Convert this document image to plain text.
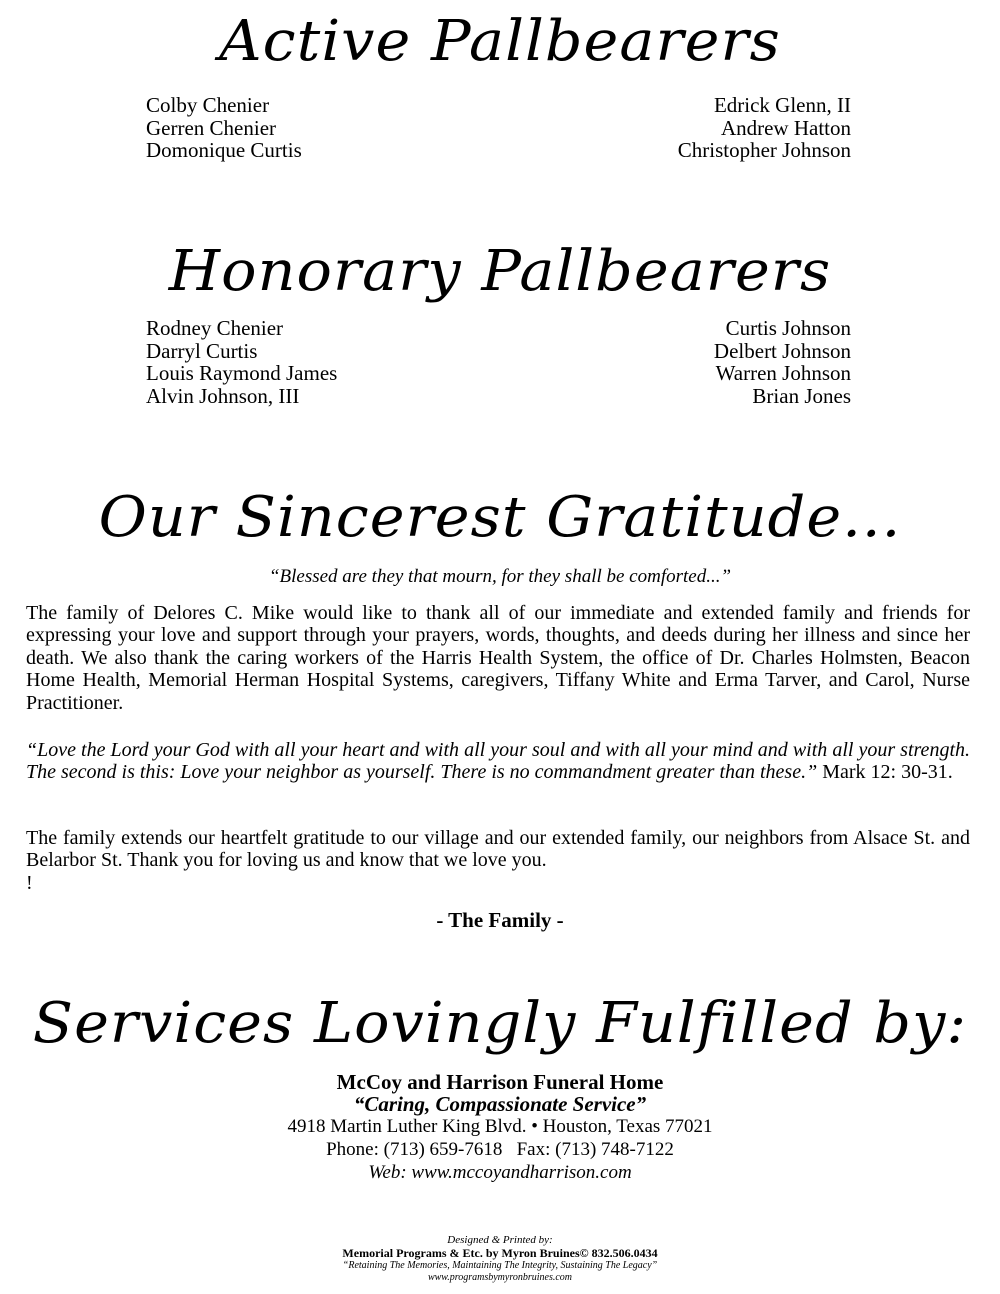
Active Pallbearers
Colby Chenier
Gerren Chenier
Domonique Curtis
Edrick Glenn, II
Andrew Hatton
Christopher Johnson
Honorary Pallbearers
Rodney Chenier
Darryl Curtis
Louis Raymond James
Alvin Johnson, III
Curtis Johnson
Delbert Johnson
Warren Johnson
Brian Jones
Our Sincerest Gratitude...
“Blessed are they that mourn, for they shall be comforted...”
The family of Delores C. Mike would like to thank all of our immediate and extended family and friends for expressing your love and support through your prayers, words, thoughts, and deeds during her illness and since her death. We also thank the caring workers of the Harris Health System, the office of Dr. Charles Holmsten, Beacon Home Health, Memorial Herman Hospital Systems, caregivers, Tiffany White and Erma Tarver, and Carol, Nurse Practitioner.
“Love the Lord your God with all your heart and with all your soul and with all your mind and with all your strength. The second is this: Love your neighbor as yourself. There is no commandment greater than these.” Mark 12: 30-31.
The family extends our heartfelt gratitude to our village and our extended family, our neighbors from Alsace St. and Belarbor St. Thank you for loving us and know that we love you.
!
- The Family -
Services Lovingly Fulfilled by:
McCoy and Harrison Funeral Home
“Caring, Compassionate Service”
4918 Martin Luther King Blvd. • Houston, Texas 77021
Phone: (713) 659-7618   Fax: (713) 748-7122
Web: www.mccoyandharrison.com
Designed & Printed by:
Memorial Programs & Etc. by Myron Bruines© 832.506.0434
“Retaining The Memories, Maintaining The Integrity, Sustaining The Legacy”
www.programsbymyronbruines.com
